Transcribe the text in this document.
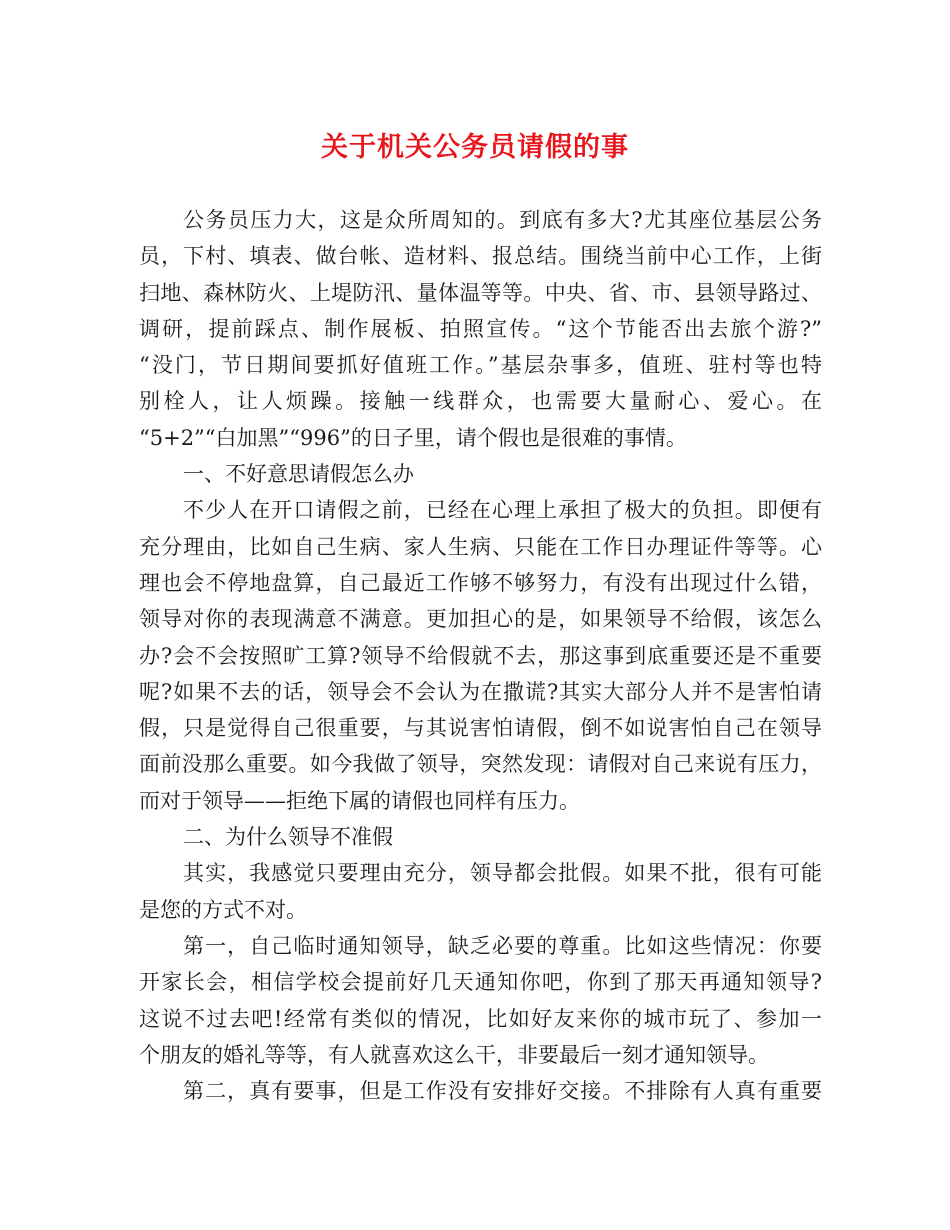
关于机关公务员请假的事
公务员压力大，这是众所周知的。到底有多大?尤其座位基层公务
员，下村、填表、做台帐、造材料、报总结。围绕当前中心工作，上街
扫地、森林防火、上堤防汛、量体温等等。中央、省、市、县领导路过、
调研，提前踩点、制作展板、拍照宣传。“这个节能否出去旅个游?”
“没门，节日期间要抓好值班工作。”基层杂事多，值班、驻村等也特
别栓人，让人烦躁。接触一线群众，也需要大量耐心、爱心。在
“5+2”“白加黑”“996”的日子里，请个假也是很难的事情。
一、不好意思请假怎么办
不少人在开口请假之前，已经在心理上承担了极大的负担。即便有
充分理由，比如自己生病、家人生病、只能在工作日办理证件等等。心
理也会不停地盘算，自己最近工作够不够努力，有没有出现过什么错，
领导对你的表现满意不满意。更加担心的是，如果领导不给假，该怎么
办?会不会按照旷工算?领导不给假就不去，那这事到底重要还是不重要
呢?如果不去的话，领导会不会认为在撒谎?其实大部分人并不是害怕请
假，只是觉得自己很重要，与其说害怕请假，倒不如说害怕自己在领导
面前没那么重要。如今我做了领导，突然发现：请假对自己来说有压力，
而对于领导——拒绝下属的请假也同样有压力。
二、为什么领导不准假
其实，我感觉只要理由充分，领导都会批假。如果不批，很有可能
是您的方式不对。
第一，自己临时通知领导，缺乏必要的尊重。比如这些情况：你要
开家长会，相信学校会提前好几天通知你吧，你到了那天再通知领导?
这说不过去吧!经常有类似的情况，比如好友来你的城市玩了、参加一
个朋友的婚礼等等，有人就喜欢这么干，非要最后一刻才通知领导。
第二，真有要事，但是工作没有安排好交接。不排除有人真有重要
